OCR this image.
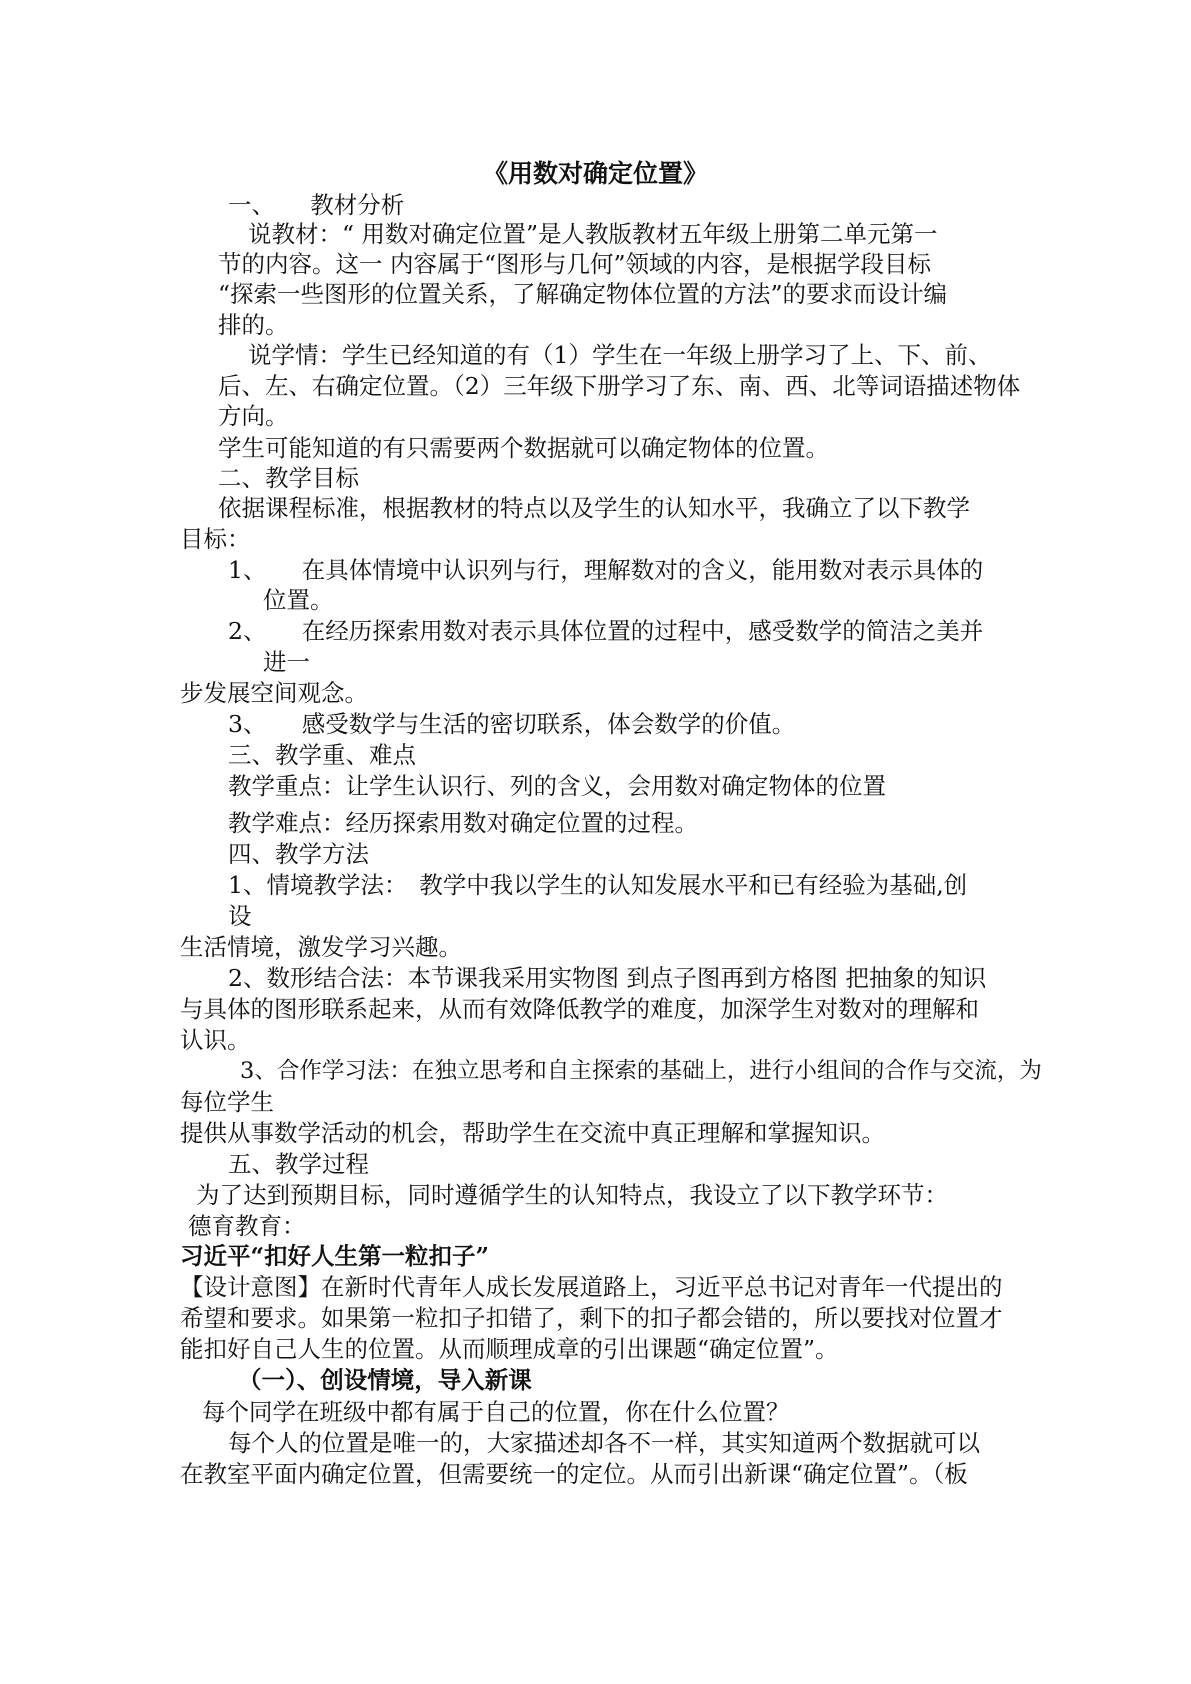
《用数对确定位置》
一、　　教材分析
说教材：“ 用数对确定位置”是人教版教材五年级上册第二单元第一
节的内容。这一 内容属于“图形与几何”领域的内容，是根据学段目标
“探索一些图形的位置关系，了解确定物体位置的方法”的要求而设计编
排的。
说学情：学生已经知道的有（1）学生在一年级上册学习了上、下、前、
后、左、右确定位置。（2）三年级下册学习了东、南、西、北等词语描述物体
方向。
学生可能知道的有只需要两个数据就可以确定物体的位置。
二、教学目标
依据课程标准，根据教材的特点以及学生的认知水平，我确立了以下教学
目标：
1、　　在具体情境中认识列与行，理解数对的含义，能用数对表示具体的
位置。
2、　　在经历探索用数对表示具体位置的过程中，感受数学的简洁之美并
进一
步发展空间观念。
3、　　感受数学与生活的密切联系，体会数学的价值。
三、教学重、难点
教学重点：让学生认识行、列的含义，会用数对确定物体的位置
教学难点：经历探索用数对确定位置的过程。
四、教学方法
1、情境教学法：　教学中我以学生的认知发展水平和已有经验为基础,创
设
生活情境，激发学习兴趣。
2、数形结合法：本节课我采用实物图 到点子图再到方格图 把抽象的知识
与具体的图形联系起来，从而有效降低教学的难度，加深学生对数对的理解和
认识。
3、合作学习法：在独立思考和自主探索的基础上，进行小组间的合作与交流，为
每位学生
提供从事数学活动的机会，帮助学生在交流中真正理解和掌握知识。
五、教学过程
为了达到预期目标，同时遵循学生的认知特点，我设立了以下教学环节：
德育教育：
习近平“扣好人生第一粒扣子”
【设计意图】在新时代青年人成长发展道路上，习近平总书记对青年一代提出的
希望和要求。如果第一粒扣子扣错了，剩下的扣子都会错的，所以要找对位置才
能扣好自己人生的位置。从而顺理成章的引出课题“确定位置”。
（一）、创设情境，导入新课
每个同学在班级中都有属于自己的位置，你在什么位置？
每个人的位置是唯一的，大家描述却各不一样，其实知道两个数据就可以
在教室平面内确定位置，但需要统一的定位。从而引出新课“确定位置”。（板
